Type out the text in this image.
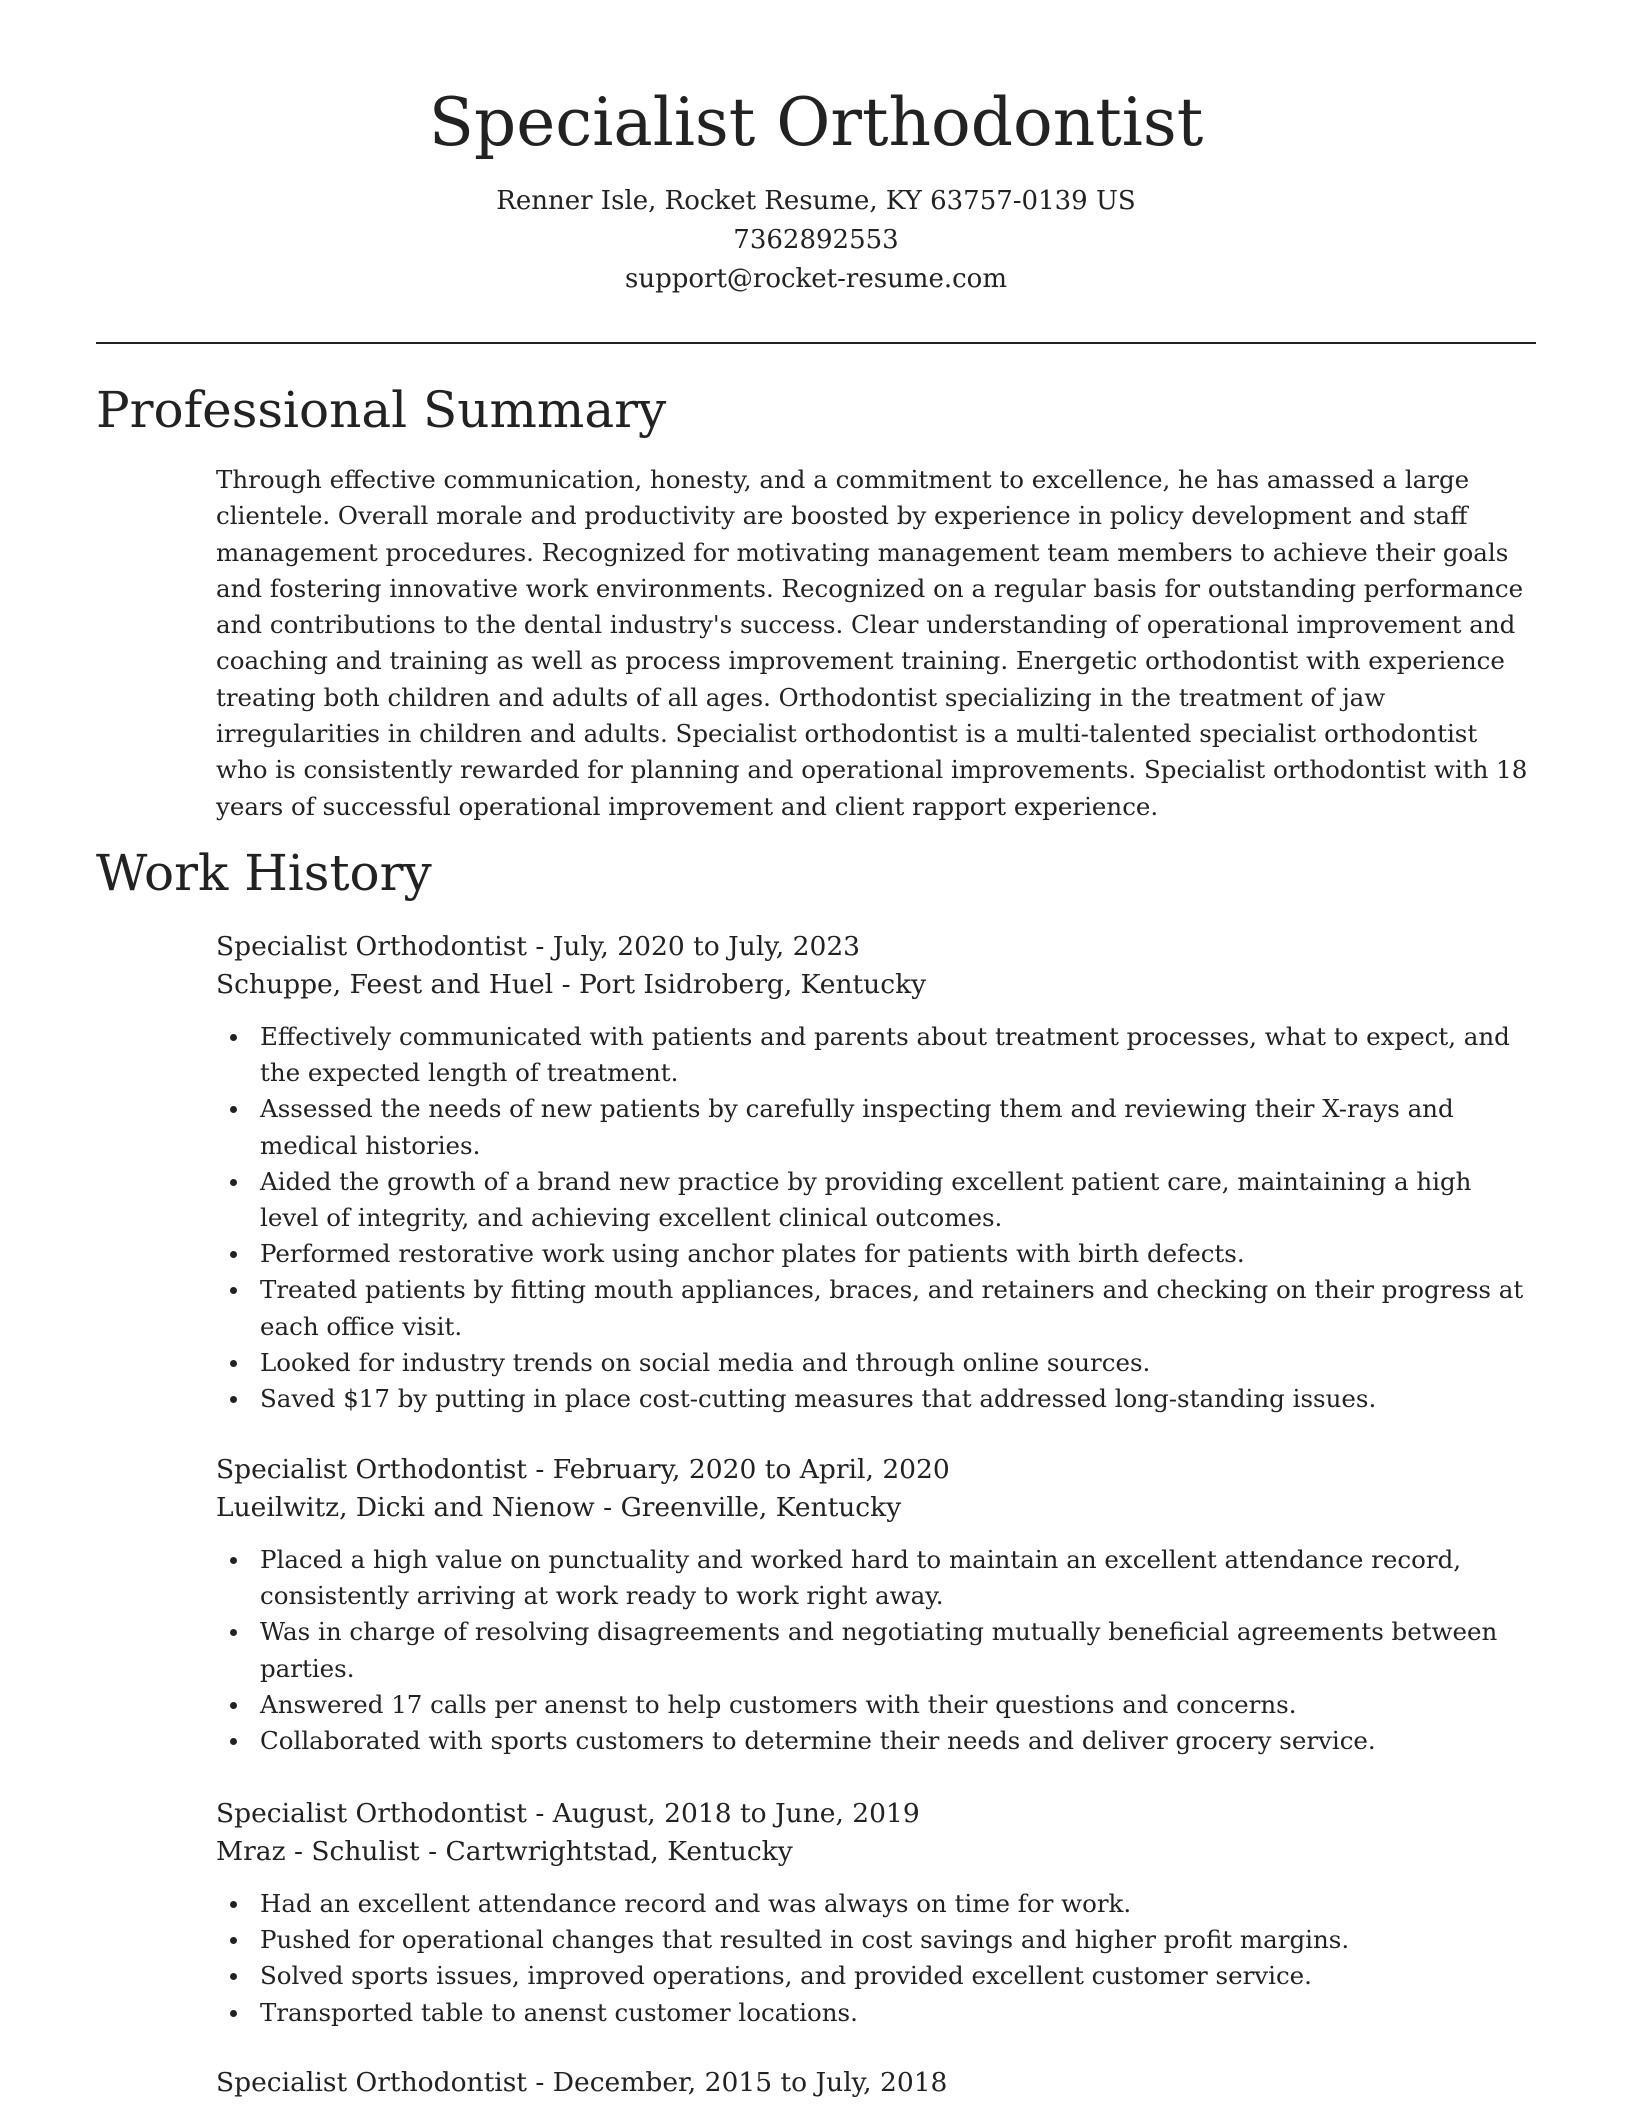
Specialist Orthodontist
Renner Isle, Rocket Resume, KY 63757-0139 US
7362892553
support@rocket-resume.com
Professional Summary
Through effective communication, honesty, and a commitment to excellence, he has amassed a large clientele. Overall morale and productivity are boosted by experience in policy development and staff management procedures. Recognized for motivating management team members to achieve their goals and fostering innovative work environments. Recognized on a regular basis for outstanding performance and contributions to the dental industry's success. Clear understanding of operational improvement and coaching and training as well as process improvement training. Energetic orthodontist with experience treating both children and adults of all ages. Orthodontist specializing in the treatment of jaw irregularities in children and adults. Specialist orthodontist is a multi-talented specialist orthodontist who is consistently rewarded for planning and operational improvements. Specialist orthodontist with 18 years of successful operational improvement and client rapport experience.
Work History
Specialist Orthodontist - July, 2020 to July, 2023
Schuppe, Feest and Huel - Port Isidroberg, Kentucky
Effectively communicated with patients and parents about treatment processes, what to expect, and the expected length of treatment.
Assessed the needs of new patients by carefully inspecting them and reviewing their X-rays and medical histories.
Aided the growth of a brand new practice by providing excellent patient care, maintaining a high level of integrity, and achieving excellent clinical outcomes.
Performed restorative work using anchor plates for patients with birth defects.
Treated patients by fitting mouth appliances, braces, and retainers and checking on their progress at each office visit.
Looked for industry trends on social media and through online sources.
Saved $17 by putting in place cost-cutting measures that addressed long-standing issues.
Specialist Orthodontist - February, 2020 to April, 2020
Lueilwitz, Dicki and Nienow - Greenville, Kentucky
Placed a high value on punctuality and worked hard to maintain an excellent attendance record, consistently arriving at work ready to work right away.
Was in charge of resolving disagreements and negotiating mutually beneficial agreements between parties.
Answered 17 calls per anenst to help customers with their questions and concerns.
Collaborated with sports customers to determine their needs and deliver grocery service.
Specialist Orthodontist - August, 2018 to June, 2019
Mraz - Schulist - Cartwrightstad, Kentucky
Had an excellent attendance record and was always on time for work.
Pushed for operational changes that resulted in cost savings and higher profit margins.
Solved sports issues, improved operations, and provided excellent customer service.
Transported table to anenst customer locations.
Specialist Orthodontist - December, 2015 to July, 2018
